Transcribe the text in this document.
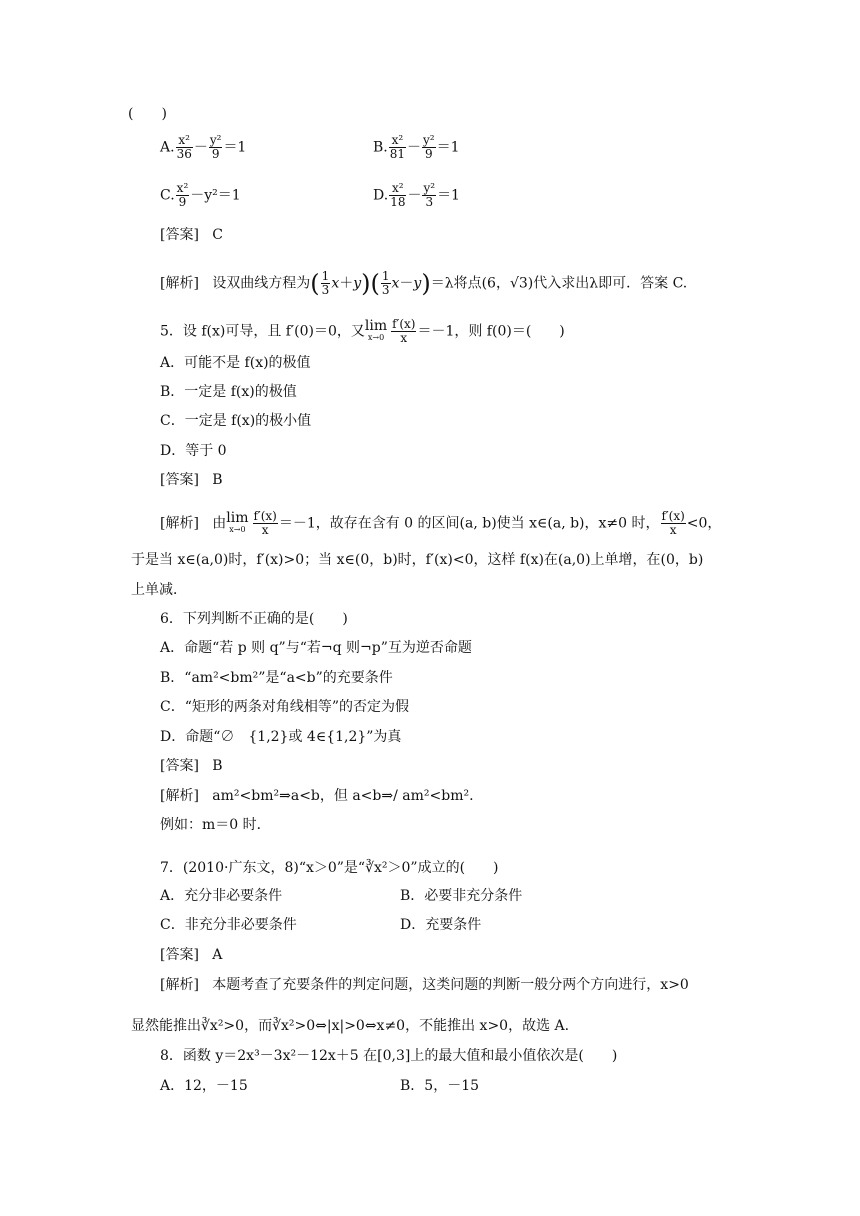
(　　)
A. $\frac{\text{x²}}{36} - \frac{\text{y²}}{9} =1$	B. $\frac{\text{x²}}{81} - \frac{\text{y²}}{9} =1$
C. $\frac{\text{x²}}{9} -y^2=1$	D. $\frac{\text{x²}}{18} - \frac{\text{y²}}{3} =1$
[答案] C
[解析] 设双曲线方程为( $\frac{1}{3} x+y)( \frac{1}{3} x-y)=\lambda$将点(6，√3)代入求出λ即可．答案 C.
5．设 f(x)可导，且 f′(0)＝0，又lim
$x\to 0 \frac{f'(x)}{x} =-1$，则 f(0)＝(　　)
A．可能不是 f(x)的极值
B．一定是 f(x)的极值
C．一定是 f(x)的极小值
D．等于 0
[答案] B
[解析] 由lim
$x\to 0 \frac{f'(x)}{x} =-1$，故存在含有 0 的区间(a, b)使当 x∈(a, b)，x≠0 时， $\frac{f'(x)}{x} <0$，
于是当 x∈(a,0)时，f′(x)>0；当 x∈(0，b)时，f′(x)<0，这样 f(x)在(a,0)上单增，在(0，b)
上单减．
6．下列判断不正确的是(　　)
A．命题“若 p 则 q”与“若¬q 则¬p”互为逆否命题
B．“am²<bm²”是“a<b”的充要条件
C．“矩形的两条对角线相等”的否定为假
D．命题“∅　{1,2}或 4∈{1,2}”为真
[答案] B
[解析] am²<bm²⇒a<b，但 a<b⇒/ am²<bm².
例如：m＝0 时．
7．(2010·广东文，8)“x＞0”是“∛x²＞0”成立的(　　)
A．充分非必要条件	B．必要非充分条件
C．非充分非必要条件	D．充要条件
[答案] A
[解析] 本题考查了充要条件的判定问题，这类问题的判断一般分两个方向进行，x>0
显然能推出∛x²>0，而∛x²>0⇔|x|>0⇔x≠0，不能推出 x>0，故选 A.
8．函数 y＝2x³－3x²－12x＋5 在[0,3]上的最大值和最小值依次是(　　)
A．12，－15	B．5，－15
